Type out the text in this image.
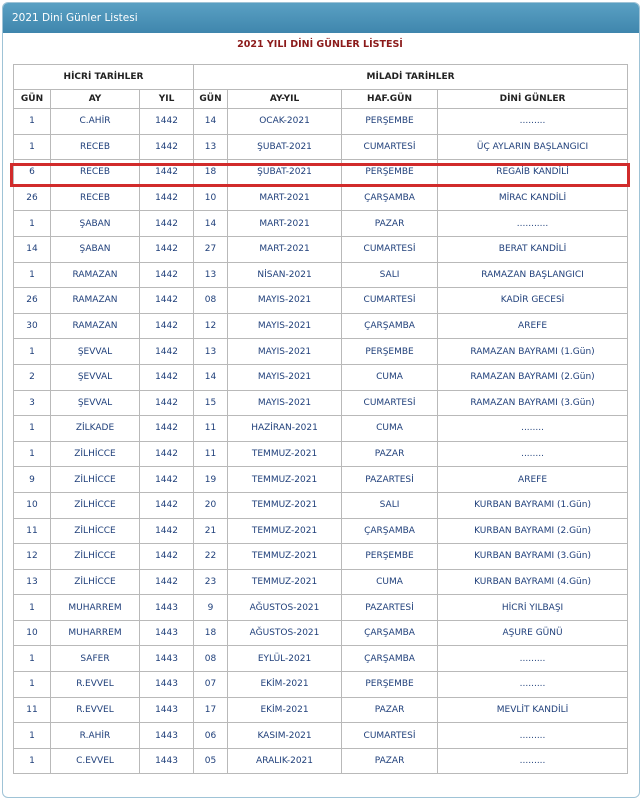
2021 Dini Günler Listesi
2021 YILI DİNİ GÜNLER LİSTESİ
HİCRİ TARİHLER			MİLADİ TARİHLER			
GÜN	AY	YIL	GÜN	AY-YIL	HAF.GÜN	DİNİ GÜNLER
1	C.AHİR	1442	14	OCAK-2021	PERŞEMBE	.........
1	RECEB	1442	13	ŞUBAT-2021	CUMARTESİ	ÜÇ AYLARIN BAŞLANGICI
6	RECEB	1442	18	ŞUBAT-2021	PERŞEMBE	REGAİB KANDİLİ
26	RECEB	1442	10	MART-2021	ÇARŞAMBA	MİRAC KANDİLİ
1	ŞABAN	1442	14	MART-2021	PAZAR	...........
14	ŞABAN	1442	27	MART-2021	CUMARTESİ	BERAT KANDİLİ
1	RAMAZAN	1442	13	NİSAN-2021	SALI	RAMAZAN BAŞLANGICI
26	RAMAZAN	1442	08	MAYIS-2021	CUMARTESİ	KADİR GECESİ
30	RAMAZAN	1442	12	MAYIS-2021	ÇARŞAMBA	AREFE
1	ŞEVVAL	1442	13	MAYIS-2021	PERŞEMBE	RAMAZAN BAYRAMI (1.Gün)
2	ŞEVVAL	1442	14	MAYIS-2021	CUMA	RAMAZAN BAYRAMI (2.Gün)
3	ŞEVVAL	1442	15	MAYIS-2021	CUMARTESİ	RAMAZAN BAYRAMI (3.Gün)
1	ZİLKADE	1442	11	HAZİRAN-2021	CUMA	........
1	ZİLHİCCE	1442	11	TEMMUZ-2021	PAZAR	........
9	ZİLHİCCE	1442	19	TEMMUZ-2021	PAZARTESİ	AREFE
10	ZİLHİCCE	1442	20	TEMMUZ-2021	SALI	KURBAN BAYRAMI (1.Gün)
11	ZİLHİCCE	1442	21	TEMMUZ-2021	ÇARŞAMBA	KURBAN BAYRAMI (2.Gün)
12	ZİLHİCCE	1442	22	TEMMUZ-2021	PERŞEMBE	KURBAN BAYRAMI (3.Gün)
13	ZİLHİCCE	1442	23	TEMMUZ-2021	CUMA	KURBAN BAYRAMI (4.Gün)
1	MUHARREM	1443	9	AĞUSTOS-2021	PAZARTESİ	HİCRİ YILBAŞI
10	MUHARREM	1443	18	AĞUSTOS-2021	ÇARŞAMBA	AŞURE GÜNÜ
1	SAFER	1443	08	EYLÜL-2021	ÇARŞAMBA	.........
1	R.EVVEL	1443	07	EKİM-2021	PERŞEMBE	.........
11	R.EVVEL	1443	17	EKİM-2021	PAZAR	MEVLİT KANDİLİ
1	R.AHİR	1443	06	KASIM-2021	CUMARTESİ	.........
1	C.EVVEL	1443	05	ARALIK-2021	PAZAR	.........
